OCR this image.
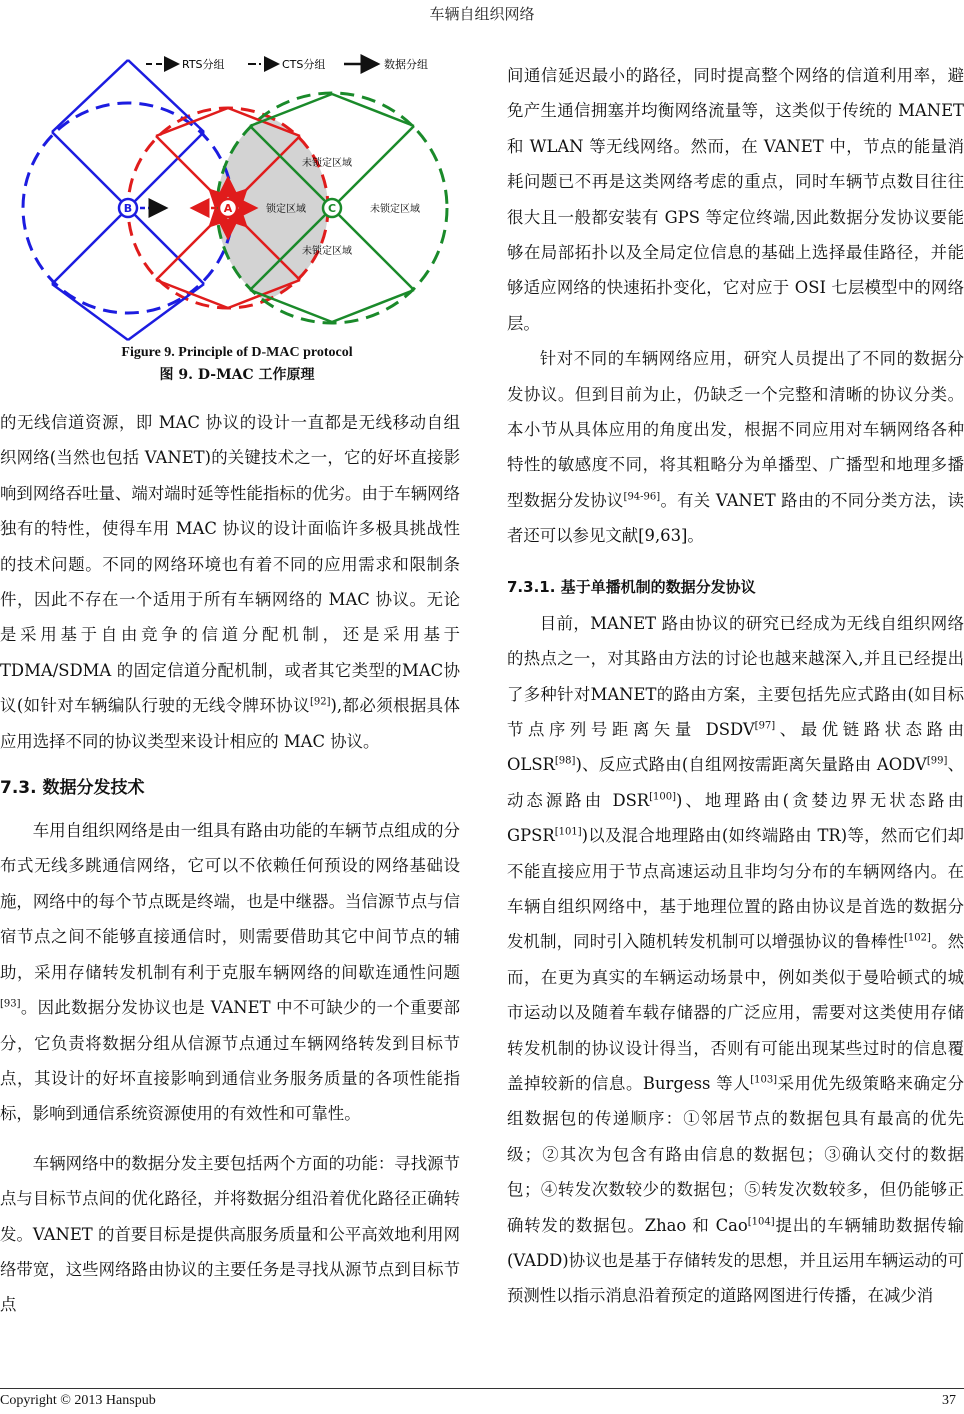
车辆自组织网络
RTS分组	CTS分组	数据分组
B	A	C
锁定区域
未锁定区域
未锁定区域
未锁定区域
Figure 9. Principle of D-MAC protocol
图 9. D-MAC 工作原理

的无线信道资源，即 MAC 协议的设计一直都是无线移动自组织网络(当然也包括 VANET)的关键技术之一，它的好坏直接影响到网络吞吐量、端对端时延等性能指标的优劣。由于车辆网络独有的特性，使得车用 MAC 协议的设计面临许多极具挑战性的技术问题。不同的网络环境也有着不同的应用需求和限制条件，因此不存在一个适用于所有车辆网络的 MAC 协议。无论是采用基于自由竞争的信道分配机制，还是采用基于 TDMA/SDMA 的固定信道分配机制，或者其它类型的MAC协议(如针对车辆编队行驶的无线令牌环协议[92]),都必须根据具体应用选择不同的协议类型来设计相应的 MAC 协议。

7.3. 数据分发技术

车用自组织网络是由一组具有路由功能的车辆节点组成的分布式无线多跳通信网络，它可以不依赖任何预设的网络基础设施，网络中的每个节点既是终端，也是中继器。当信源节点与信宿节点之间不能够直接通信时，则需要借助其它中间节点的辅助，采用存储转发机制有利于克服车辆网络的间歇连通性问题[93]。因此数据分发协议也是 VANET 中不可缺少的一个重要部分，它负责将数据分组从信源节点通过车辆网络转发到目标节点，其设计的好坏直接影响到通信业务服务质量的各项性能指标，影响到通信系统资源使用的有效性和可靠性。

车辆网络中的数据分发主要包括两个方面的功能：寻找源节点与目标节点间的优化路径，并将数据分组沿着优化路径正确转发。VANET 的首要目标是提供高服务质量和公平高效地利用网络带宽，这些网络路由协议的主要任务是寻找从源节点到目标节点

间通信延迟最小的路径，同时提高整个网络的信道利用率，避免产生通信拥塞并均衡网络流量等，这类似于传统的 MANET 和 WLAN 等无线网络。然而，在 VANET 中，节点的能量消耗问题已不再是这类网络考虑的重点，同时车辆节点数目往往很大且一般都安装有 GPS 等定位终端,因此数据分发协议要能够在局部拓扑以及全局定位信息的基础上选择最佳路径，并能够适应网络的快速拓扑变化，它对应于 OSI 七层模型中的网络层。

针对不同的车辆网络应用，研究人员提出了不同的数据分发协议。但到目前为止，仍缺乏一个完整和清晰的协议分类。本小节从具体应用的角度出发，根据不同应用对车辆网络各种特性的敏感度不同，将其粗略分为单播型、广播型和地理多播型数据分发协议[94-96]。有关 VANET 路由的不同分类方法，读者还可以参见文献[9,63]。

7.3.1. 基于单播机制的数据分发协议

目前，MANET 路由协议的研究已经成为无线自组织网络的热点之一，对其路由方法的讨论也越来越深入,并且已经提出了多种针对MANET的路由方案，主要包括先应式路由(如目标节点序列号距离矢量 DSDV[97]、最优链路状态路由 OLSR[98])、反应式路由(自组网按需距离矢量路由 AODV[99]、动态源路由 DSR[100])、地理路由(贪婪边界无状态路由 GPSR[101])以及混合地理路由(如终端路由 TR)等，然而它们却不能直接应用于节点高速运动且非均匀分布的车辆网络内。在车辆自组织网络中，基于地理位置的路由协议是首选的数据分发机制，同时引入随机转发机制可以增强协议的鲁棒性[102]。然而，在更为真实的车辆运动场景中，例如类似于曼哈顿式的城市运动以及随着车载存储器的广泛应用，需要对这类使用存储转发机制的协议设计得当，否则有可能出现某些过时的信息覆盖掉较新的信息。Burgess 等人[103]采用优先级策略来确定分组数据包的传递顺序：①邻居节点的数据包具有最高的优先级；②其次为包含有路由信息的数据包；③确认交付的数据包；④转发次数较少的数据包；⑤转发次数较多，但仍能够正确转发的数据包。Zhao 和 Cao[104]提出的车辆辅助数据传输(VADD)协议也是基于存储转发的思想，并且运用车辆运动的可预测性以指示消息沿着预定的道路网图进行传播，在减少消

Copyright © 2013 Hanspub	37
